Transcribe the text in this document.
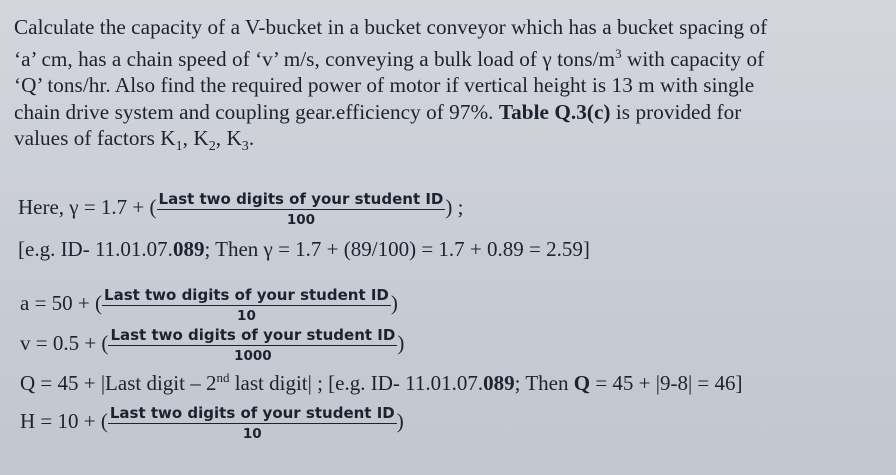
Calculate the capacity of a V-bucket in a bucket conveyor which has a bucket spacing of
‘a’ cm, has a chain speed of ‘v’ m/s, conveying a bulk load of γ tons/$m^3$ with capacity of
‘Q’ tons/hr. Also find the required power of motor if vertical height is 13 m with single
chain drive system and coupling gear.efficiency of 97%. Table Q.3(c) is provided for
values of factors $K_1$, $K_2$, $K_3$.
Here, γ = 1.7 + ( $\frac{\text{Last two digits of your student ID}}{100}$ ) ;
[e.g. ID- 11.01.07.089; Then γ = 1.7 + (89/100) = 1.7 + 0.89 = 2.59]
a = 50 + ( $\frac{\text{Last two digits of your student ID}}{10}$ )
v = 0.5 + ( $\frac{\text{Last two digits of your student ID}}{1000}$ )
Q = 45 + |Last digit – 2nd last digit| ; [e.g. ID- 11.01.07.089; Then Q = 45 + |9-8| = 46]
H = 10 + ( $\frac{\text{Last two digits of your student ID}}{10}$ )
